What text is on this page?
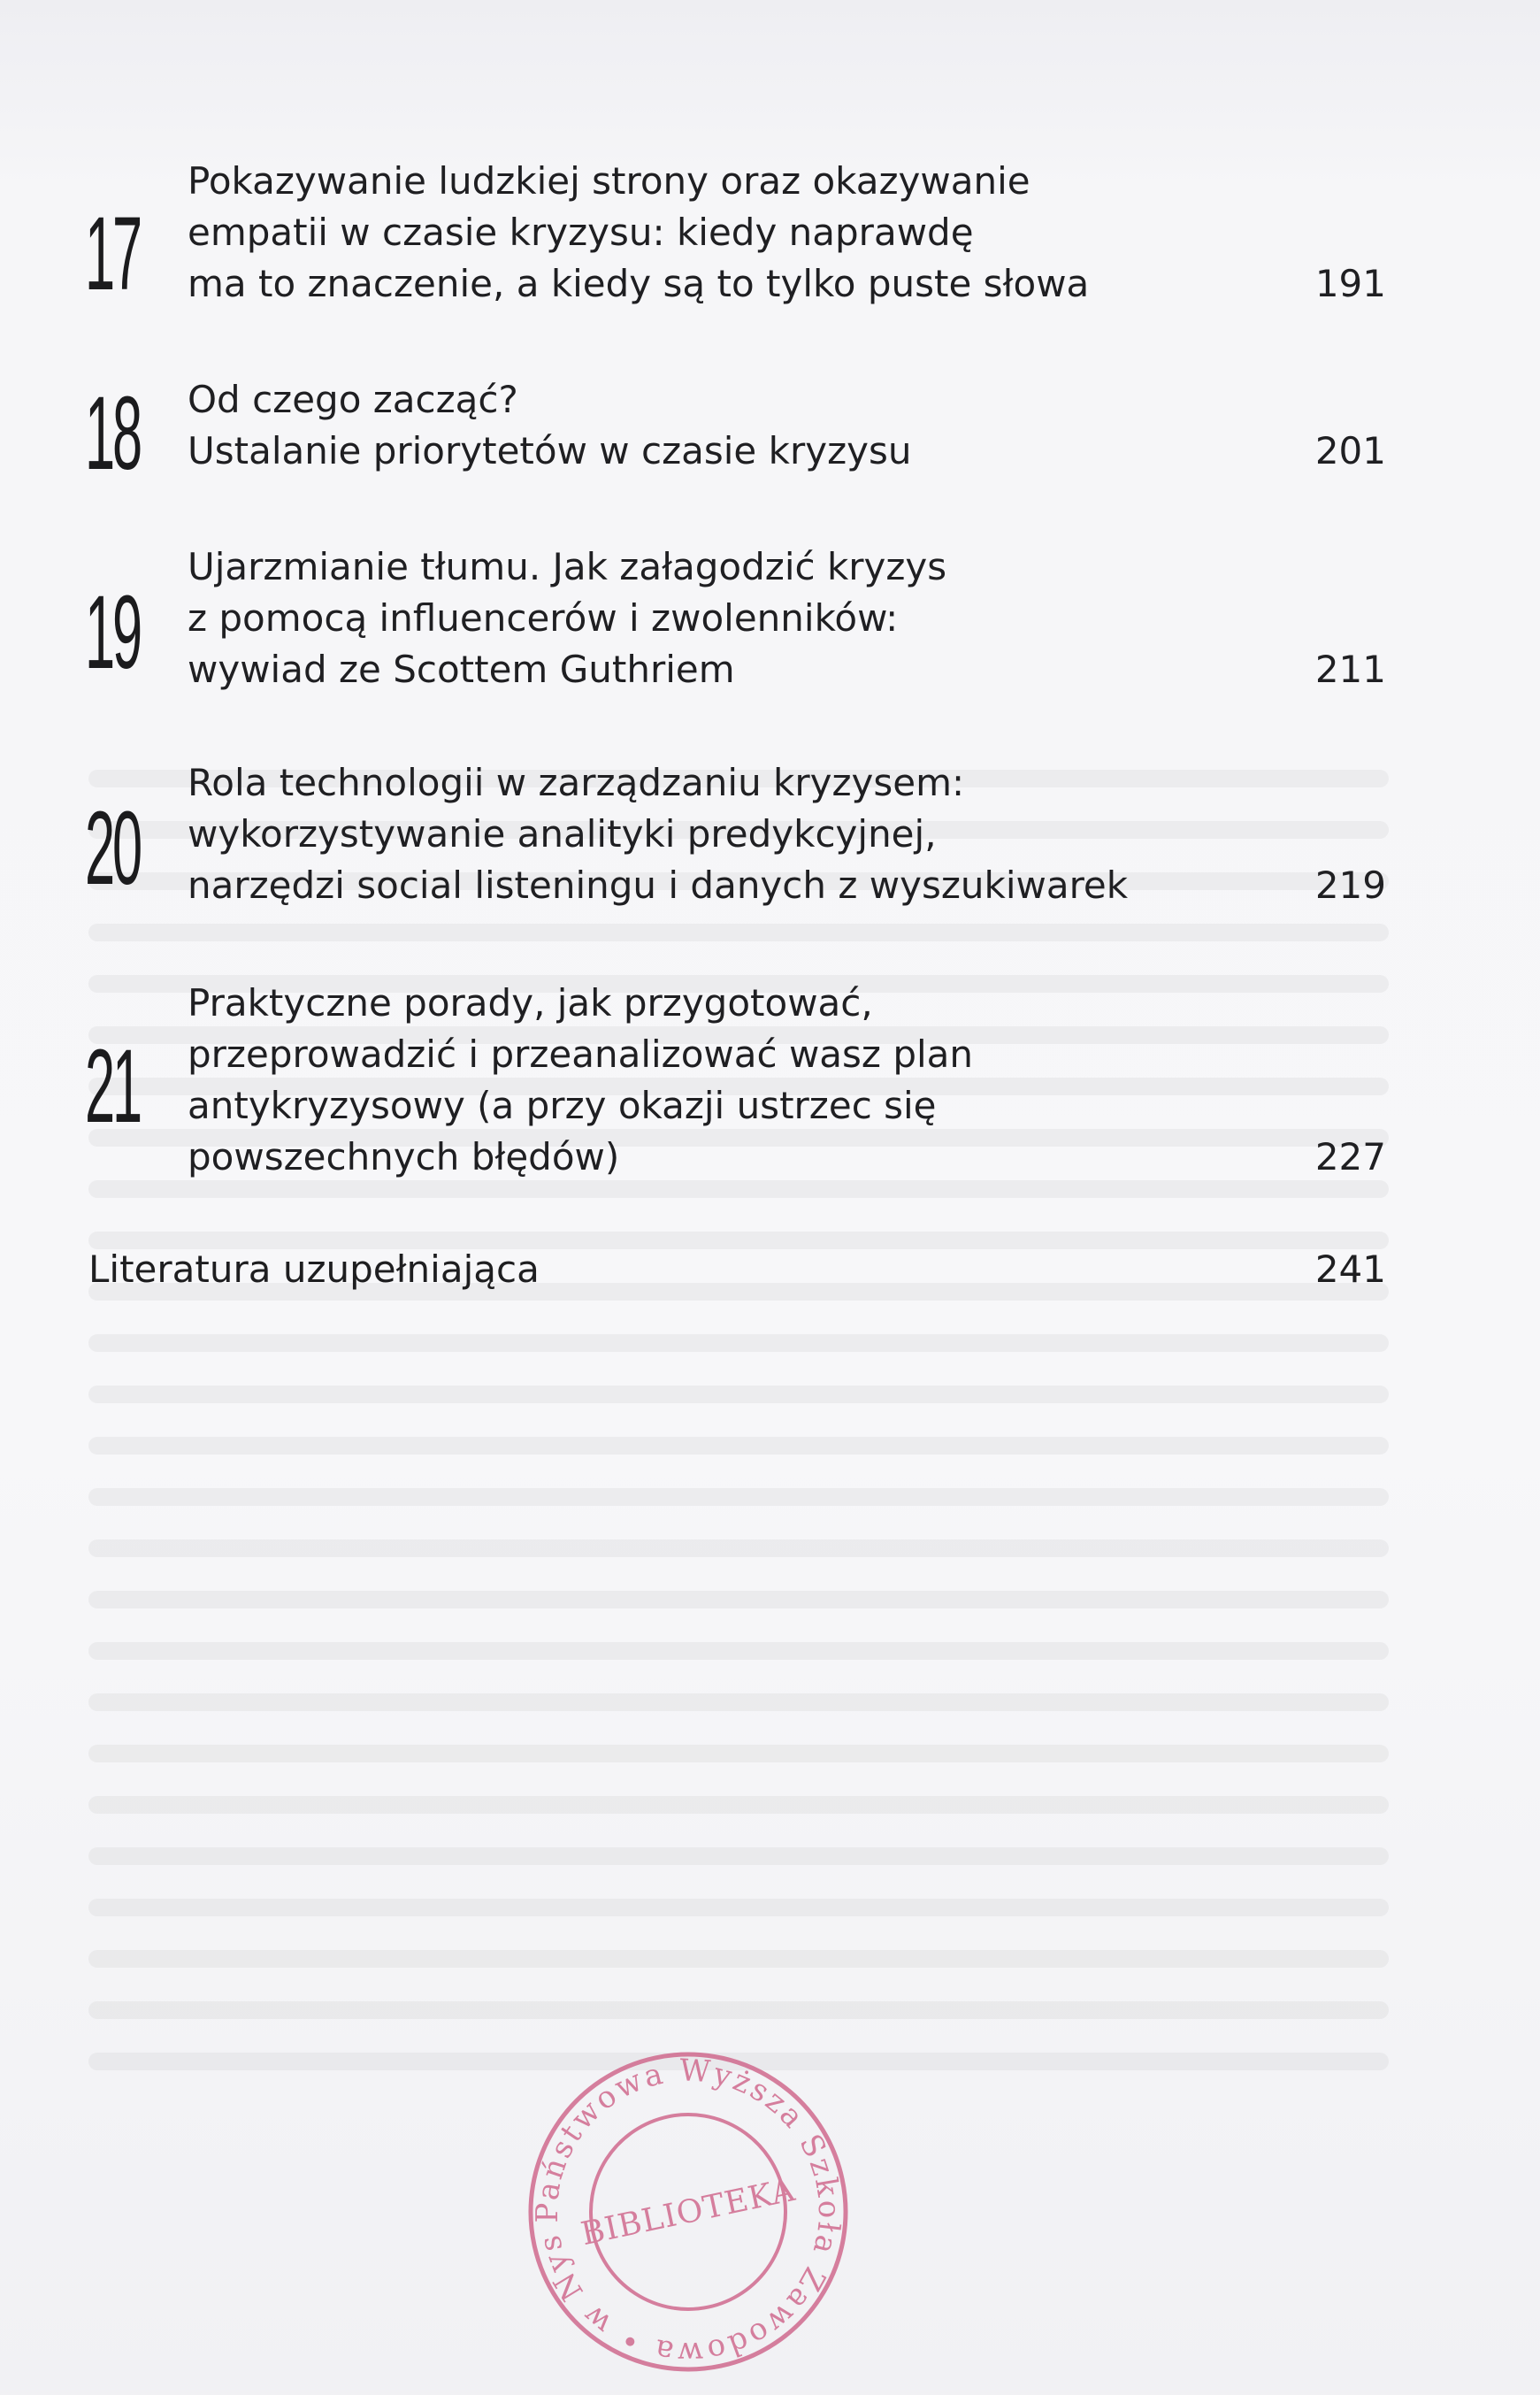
17
Pokazywanie ludzkiej strony oraz okazywanie
empatii w czasie kryzysu: kiedy naprawdę
ma to znaczenie, a kiedy są to tylko puste słowa	191
18 Od czego zacząć?
Ustalanie priorytetów w czasie kryzysu	201
19
Ujarzmianie tłumu. Jak załagodzić kryzys
z pomocą influencerów i zwolenników:
wywiad ze Scottem Guthriem	211
20
Rola technologii w zarządzaniu kryzysem:
wykorzystywanie analityki predykcyjnej,
narzędzi social listeningu i danych z wyszukiwarek	219
21
Praktyczne porady, jak przygotować,
przeprowadzić i przeanalizować wasz plan
antykryzysowy (a przy okazji ustrzec się
powszechnych błędów)	227
Literatura uzupełniająca	241
Państwowa Wyższa Szkoła Zawodowa • w Nysie
BIBLIOTEKA
